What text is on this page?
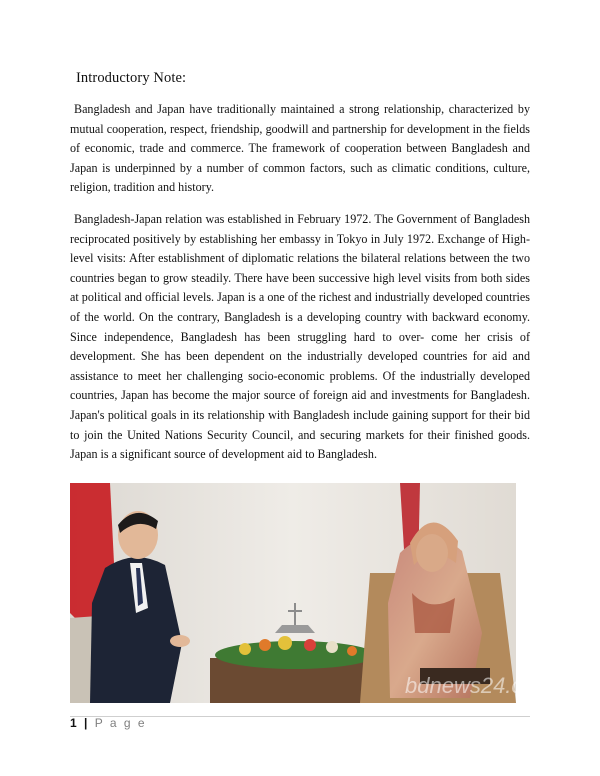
Introductory Note:

Bangladesh and Japan have traditionally maintained a strong relationship, characterized by mutual cooperation, respect, friendship, goodwill and partnership for development in the fields of economic, trade and commerce. The framework of cooperation between Bangladesh and Japan is underpinned by a number of common factors, such as climatic conditions, culture, religion, tradition and history.

Bangladesh-Japan relation was established in February 1972. The Government of Bangladesh reciprocated positively by establishing her embassy in Tokyo in July 1972. Exchange of High-level visits: After establishment of diplomatic relations the bilateral relations between the two countries began to grow steadily. There have been successive high level visits from both sides at political and official levels. Japan is a one of the richest and industrially developed countries of the world. On the contrary, Bangladesh is a developing country with backward economy. Since independence, Bangladesh has been struggling hard to over- come her crisis of development. She has been dependent on the industrially developed countries for aid and assistance to meet her challenging socio-economic problems. Of the industrially developed countries, Japan has become the major source of foreign aid and investments for Bangladesh. Japan's political goals in its relationship with Bangladesh include gaining support for their bid to join the United Nations Security Council, and securing markets for their finished goods. Japan is a significant source of development aid to Bangladesh.

bdnews24.com
1 | P a g e
